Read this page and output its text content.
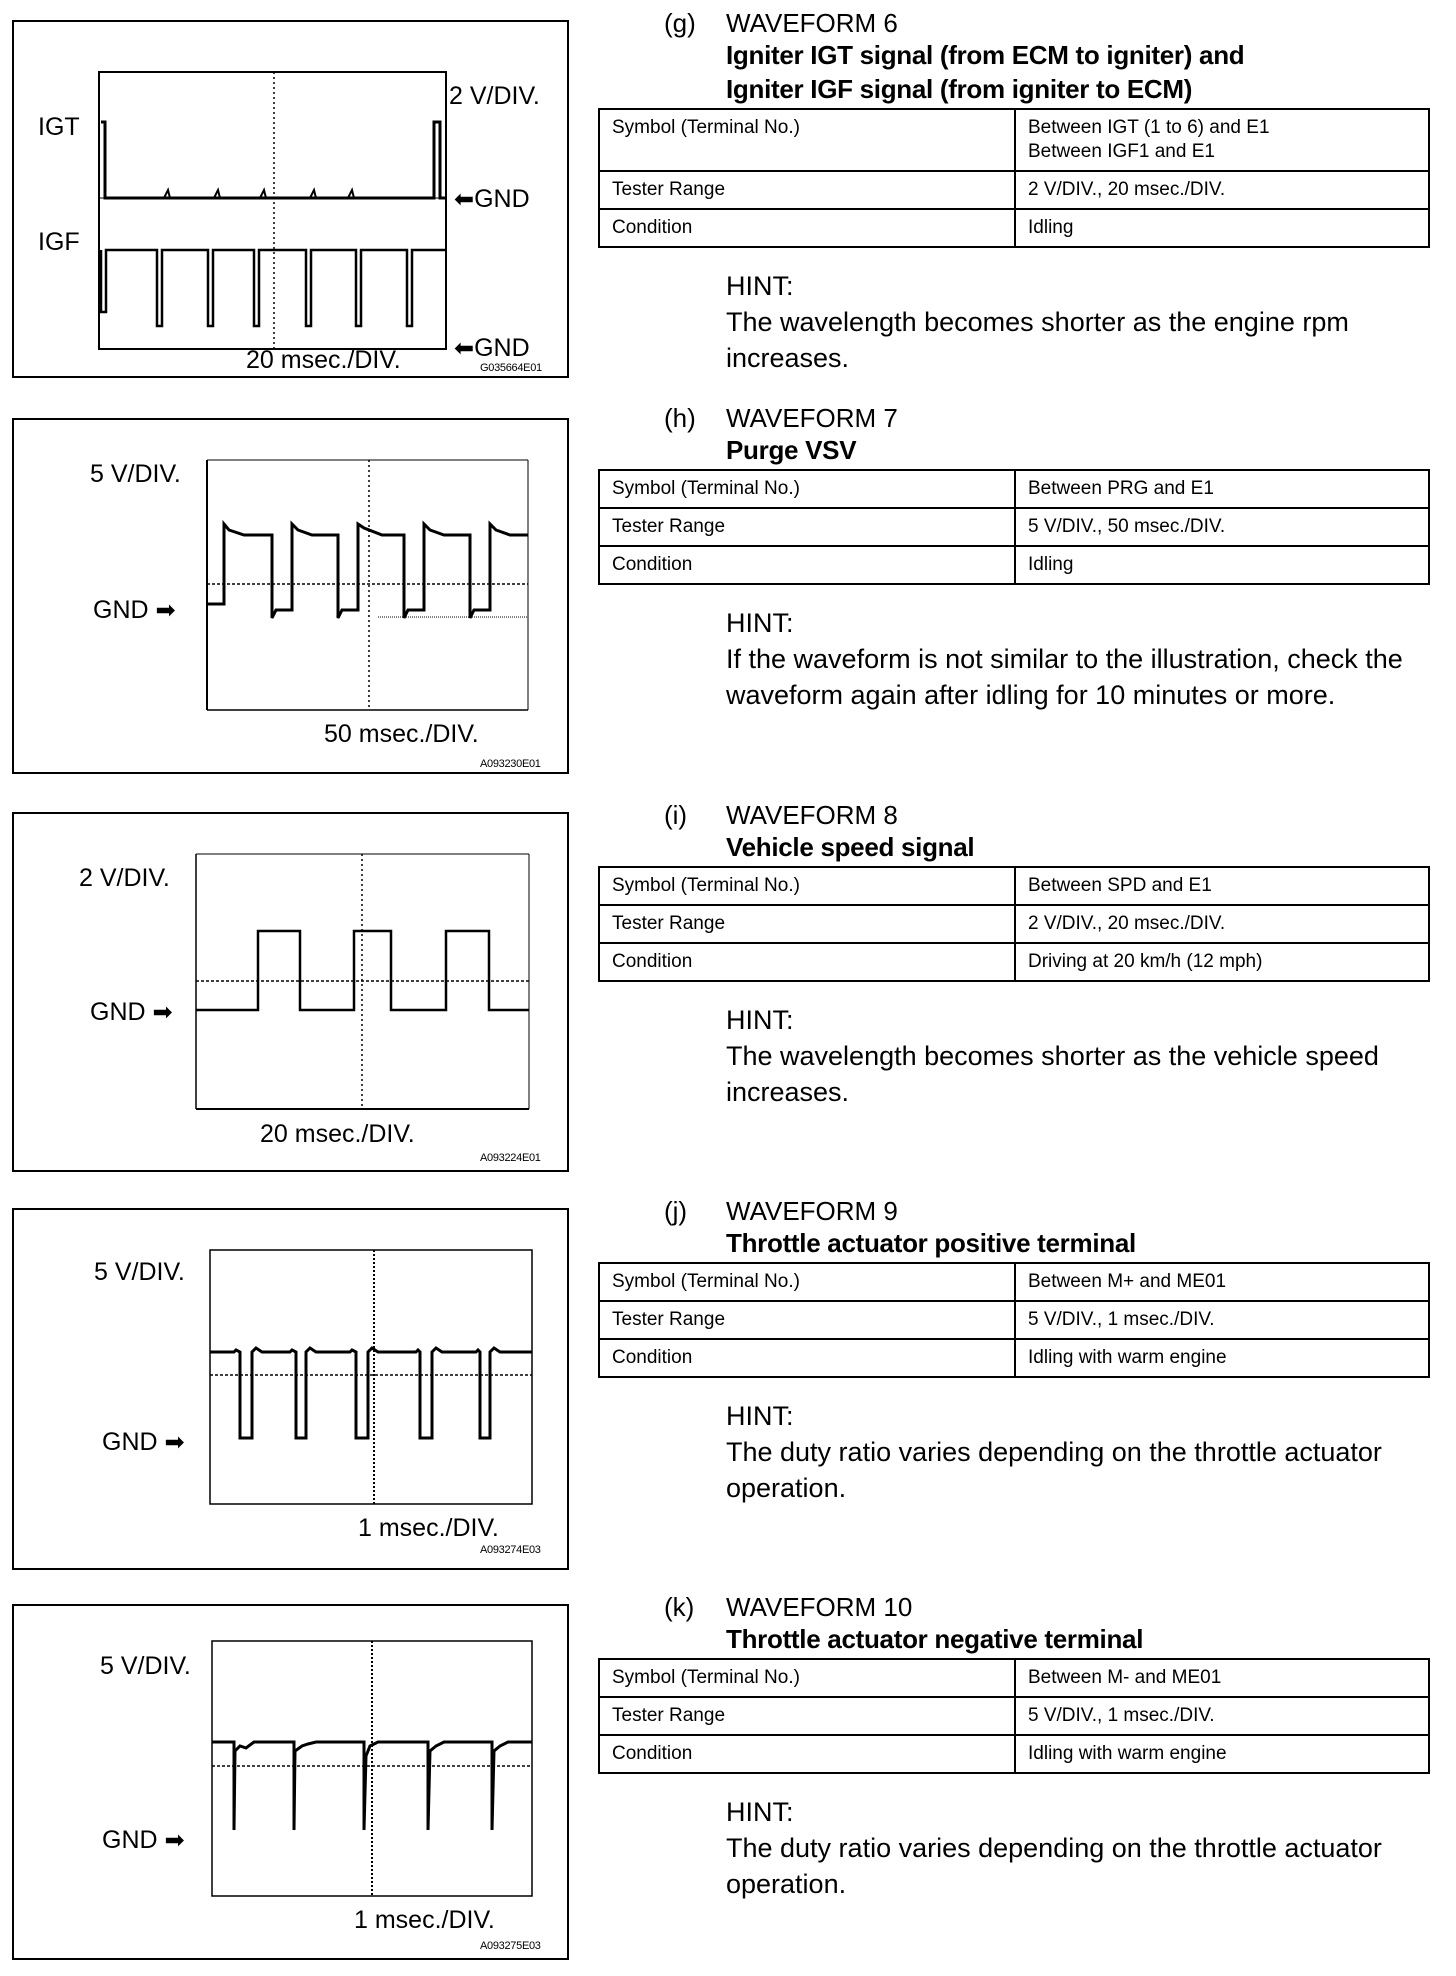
IGT
IGF
2 V/DIV.
⬅GND
⬅GND
20 msec./DIV.	G035664E01
5 V/DIV.
GND ➡
50 msec./DIV.
A093230E01
2 V/DIV.
GND ➡
20 msec./DIV.
A093224E01
5 V/DIV.
GND ➡
1 msec./DIV.
A093274E03
5 V/DIV.
GND ➡
1 msec./DIV.
A093275E03
(g) WAVEFORM 6
Igniter IGT signal (from ECM to igniter) and
Igniter IGF signal (from igniter to ECM)
Symbol (Terminal No.)	Between IGT (1 to 6) and E1
Between IGF1 and E1

Tester Range	2 V/DIV., 20 msec./DIV.
Condition	Idling
HINT:
The wavelength becomes shorter as the engine rpm increases.
(h) WAVEFORM 7
Purge VSV
Symbol (Terminal No.)	Between PRG and E1
Tester Range	5 V/DIV., 50 msec./DIV.
Condition	Idling
HINT:
If the waveform is not similar to the illustration, check the waveform again after idling for 10 minutes or more.
(i) WAVEFORM 8
Vehicle speed signal
Symbol (Terminal No.)	Between SPD and E1
Tester Range	2 V/DIV., 20 msec./DIV.
Condition	Driving at 20 km/h (12 mph)
HINT:
The wavelength becomes shorter as the vehicle speed increases.
(j) WAVEFORM 9
Throttle actuator positive terminal
Symbol (Terminal No.)	Between M+ and ME01
Tester Range	5 V/DIV., 1 msec./DIV.
Condition	Idling with warm engine
HINT:
The duty ratio varies depending on the throttle actuator operation.
(k) WAVEFORM 10
Throttle actuator negative terminal
Symbol (Terminal No.)	Between M- and ME01
Tester Range	5 V/DIV., 1 msec./DIV.
Condition	Idling with warm engine
HINT:
The duty ratio varies depending on the throttle actuator operation.
